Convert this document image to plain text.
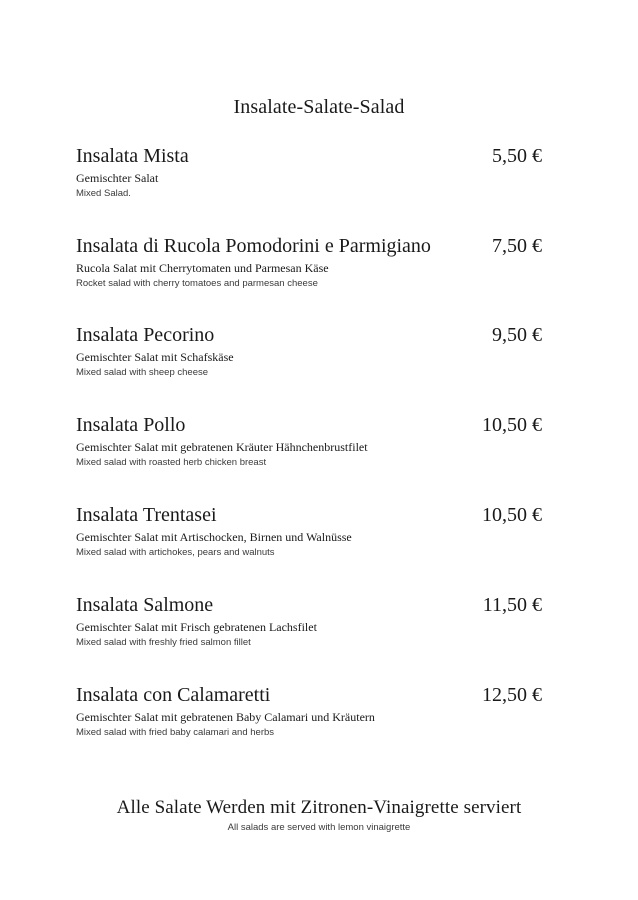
Insalate-Salate-Salad
Insalata Mista	5,50 €
Gemischter Salat
Mixed Salad.
Insalata di Rucola Pomodorini e Parmigiano	7,50 €
Rucola Salat mit Cherrytomaten und Parmesan Käse
Rocket salad with cherry tomatoes and parmesan cheese
Insalata Pecorino	9,50 €
Gemischter Salat mit Schafskäse
Mixed salad with sheep cheese
Insalata Pollo	10,50 €
Gemischter Salat mit gebratenen Kräuter Hähnchenbrustfilet
Mixed salad with roasted herb chicken breast
Insalata Trentasei	10,50 €
Gemischter Salat mit Artischocken, Birnen und Walnüsse
Mixed salad with artichokes, pears and walnuts
Insalata Salmone	11,50 €
Gemischter Salat mit Frisch gebratenen Lachsfilet
Mixed salad with freshly fried salmon fillet
Insalata con Calamaretti	12,50 €
Gemischter Salat mit gebratenen Baby Calamari und Kräutern
Mixed salad with fried baby calamari and herbs
Alle Salate Werden mit Zitronen-Vinaigrette serviert
All salads are served with lemon vinaigrette
